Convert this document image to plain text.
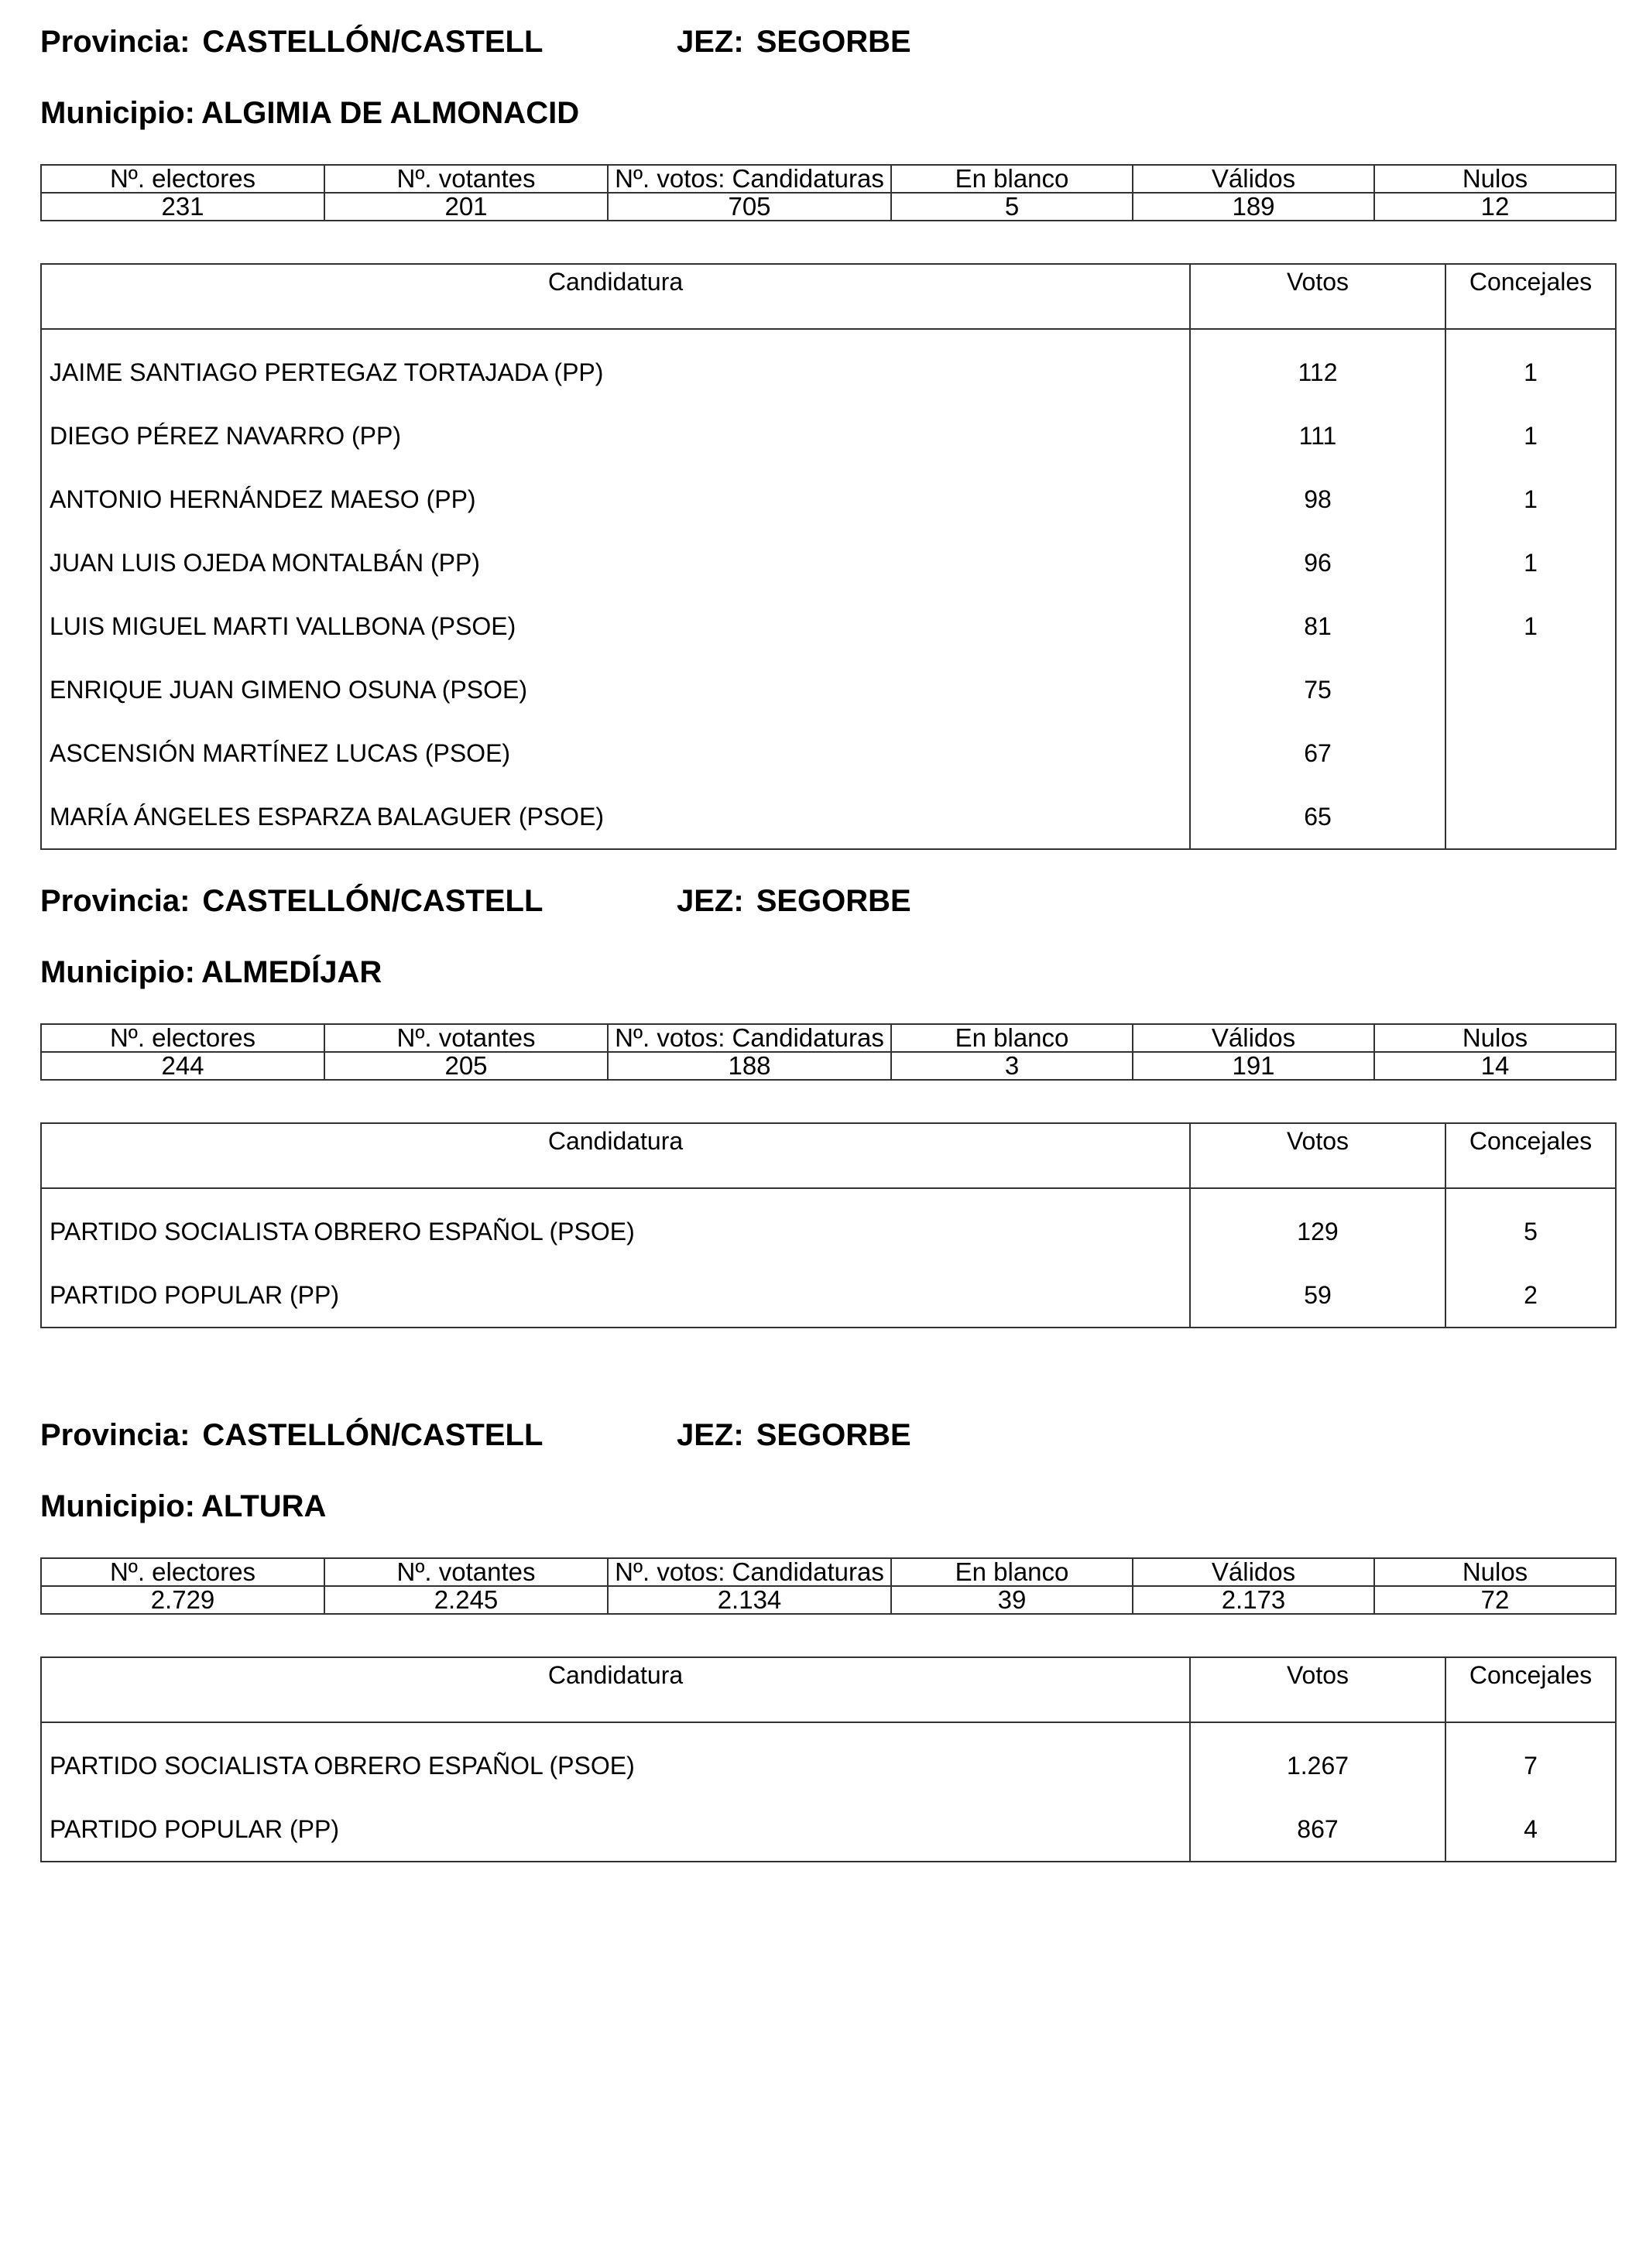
Provincia: CASTELLÓN/CASTELL	JEZ: SEGORBE
Municipio: ALGIMIA DE ALMONACID
Nº. electores	Nº. votantes	Nº. votos: Candidaturas	En blanco	Válidos	Nulos
231	201	705	5	189	12
Candidatura	Votos	Concejales
JAIME SANTIAGO PERTEGAZ TORTAJADA (PP)	112	1
DIEGO PÉREZ NAVARRO (PP)	111	1
ANTONIO HERNÁNDEZ MAESO (PP)	98	1
JUAN LUIS OJEDA MONTALBÁN (PP)	96	1
LUIS MIGUEL MARTI VALLBONA (PSOE)	81	1
ENRIQUE JUAN GIMENO OSUNA (PSOE)	75	
ASCENSIÓN MARTÍNEZ LUCAS (PSOE)	67	
MARÍA ÁNGELES ESPARZA BALAGUER (PSOE)	65	
Provincia: CASTELLÓN/CASTELL	JEZ: SEGORBE
Municipio: ALMEDÍJAR
Nº. electores	Nº. votantes	Nº. votos: Candidaturas	En blanco	Válidos	Nulos
244	205	188	3	191	14
Candidatura	Votos	Concejales
PARTIDO SOCIALISTA OBRERO ESPAÑOL (PSOE)	129	5
PARTIDO POPULAR (PP)	59	2
Provincia: CASTELLÓN/CASTELL	JEZ: SEGORBE
Municipio: ALTURA
Nº. electores	Nº. votantes	Nº. votos: Candidaturas	En blanco	Válidos	Nulos
2.729	2.245	2.134	39	2.173	72
Candidatura	Votos	Concejales
PARTIDO SOCIALISTA OBRERO ESPAÑOL (PSOE)	1.267	7
PARTIDO POPULAR (PP)	867	4
